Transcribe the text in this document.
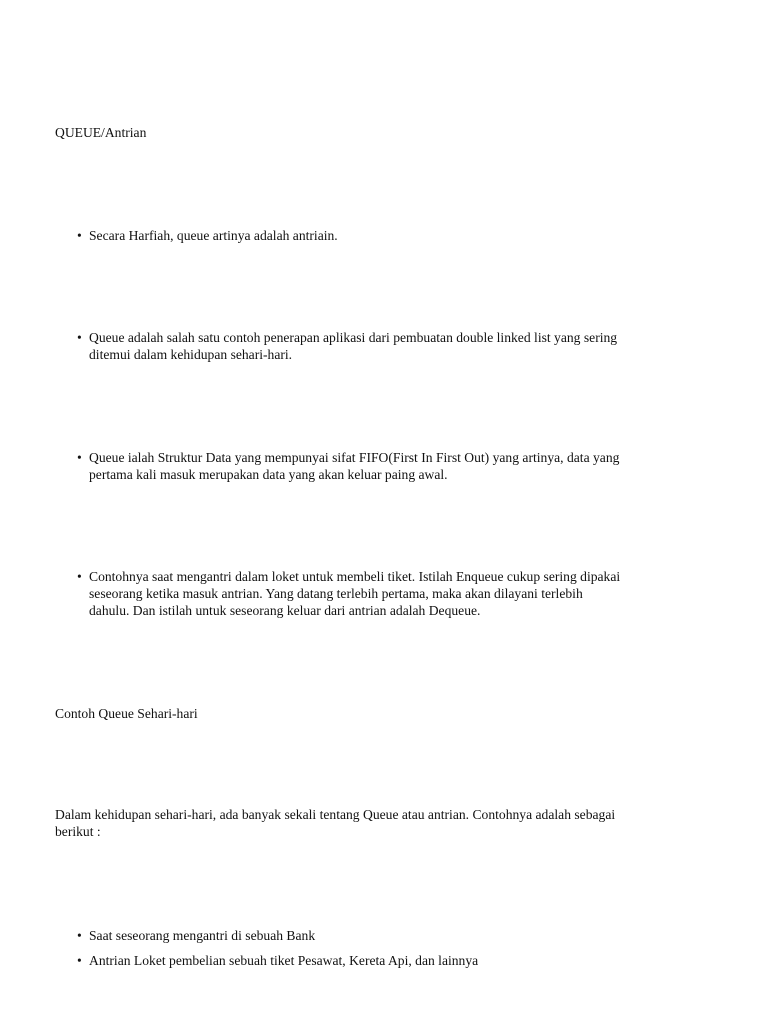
QUEUE/Antrian

• Secara Harfiah, queue artinya adalah antriain.

• Queue adalah salah satu contoh penerapan aplikasi dari pembuatan double linked list yang sering
ditemui dalam kehidupan sehari-hari.

• Queue ialah Struktur Data yang mempunyai sifat FIFO(First In First Out) yang artinya, data yang
pertama kali masuk merupakan data yang akan keluar paing awal.

• Contohnya saat mengantri dalam loket untuk membeli tiket. Istilah Enqueue cukup sering dipakai
seseorang ketika masuk antrian. Yang datang terlebih pertama, maka akan dilayani terlebih
dahulu. Dan istilah untuk seseorang keluar dari antrian adalah Dequeue.

Contoh Queue Sehari-hari

Dalam kehidupan sehari-hari, ada banyak sekali tentang Queue atau antrian. Contohnya adalah sebagai
berikut :

• Saat seseorang mengantri di sebuah Bank

• Antrian Loket pembelian sebuah tiket Pesawat, Kereta Api, dan lainnya
